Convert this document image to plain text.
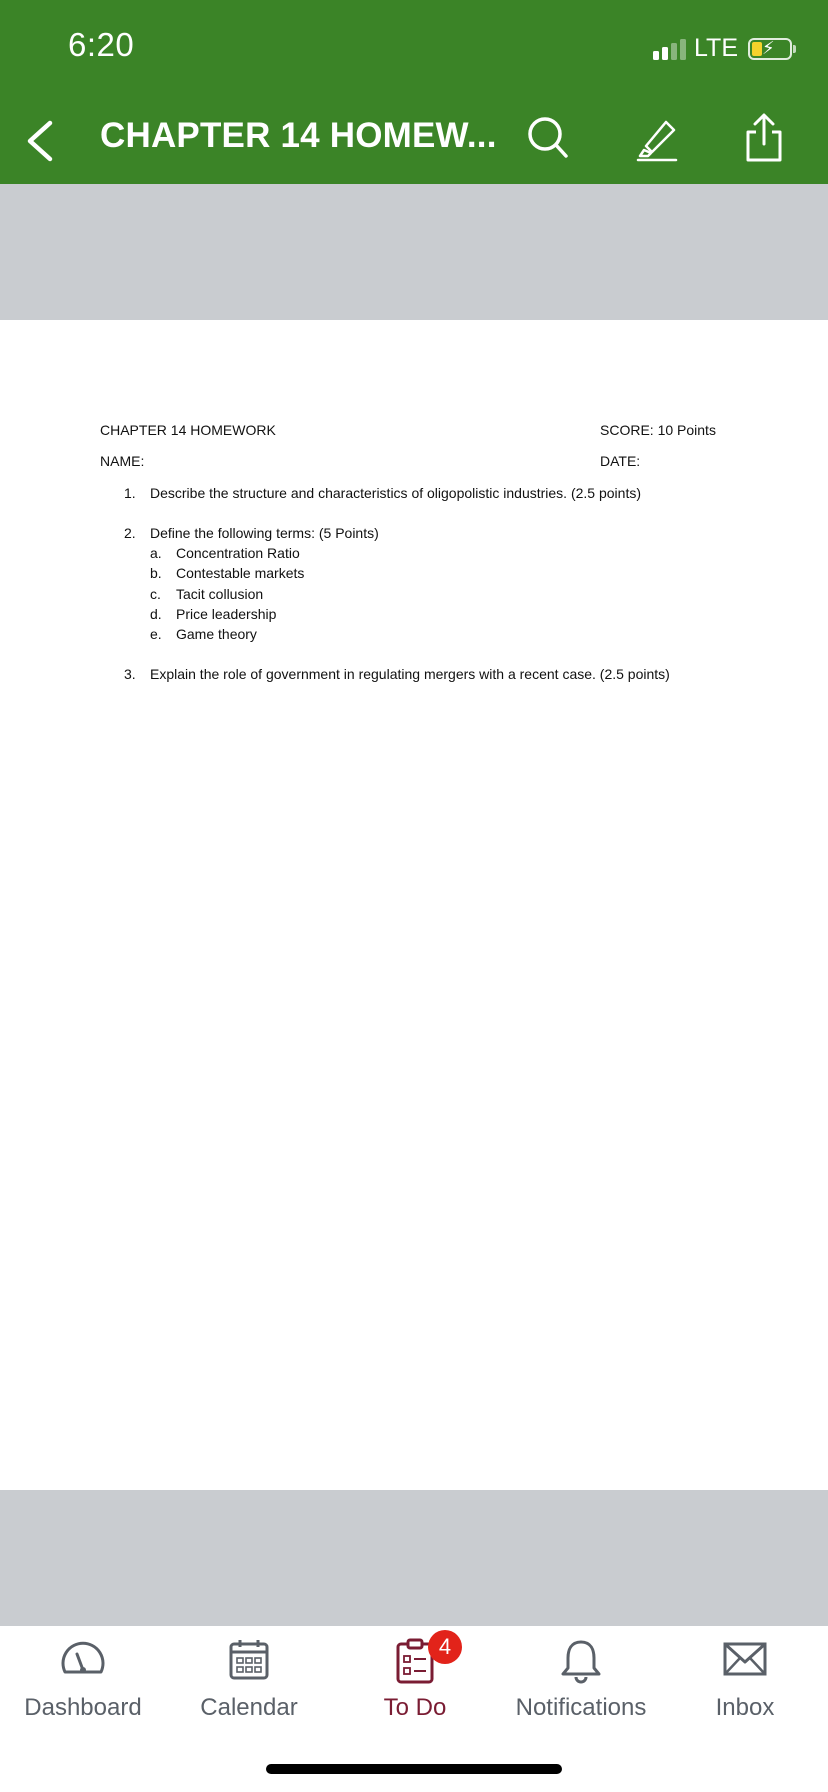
6:20	LTE ⚡
CHAPTER 14 HOMEW...
CHAPTER 14 HOMEWORK	SCORE: 10 Points
NAME:	DATE:
1.	Describe the structure and characteristics of oligopolistic industries. (2.5 points)
2.	Define the following terms: (5 Points)
a.	Concentration Ratio
b.	Contestable markets
c.	Tacit collusion
d.	Price leadership
e.	Game theory
3.	Explain the role of government in regulating mergers with a recent case. (2.5 points)
Dashboard	Calendar
4
To Do	Notifications	Inbox
